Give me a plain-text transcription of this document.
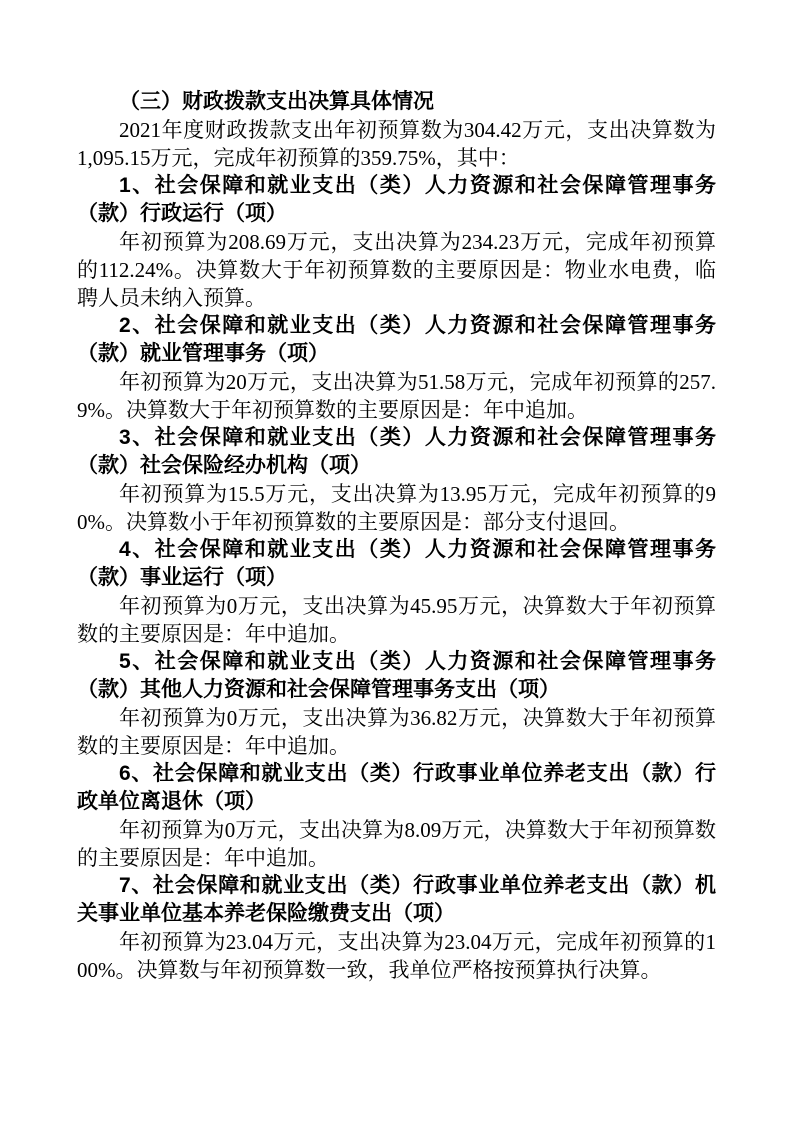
（三）财政拨款支出决算具体情况

2021年度财政拨款支出年初预算数为304.42万元，支出决算数为1,095.15万元，完成年初预算的359.75%，其中：

1、社会保障和就业支出（类）人力资源和社会保障管理事务（款）行政运行（项）

年初预算为208.69万元，支出决算为234.23万元，完成年初预算的112.24%。决算数大于年初预算数的主要原因是：物业水电费，临聘人员未纳入预算。

2、社会保障和就业支出（类）人力资源和社会保障管理事务（款）就业管理事务（项）

年初预算为20万元，支出决算为51.58万元，完成年初预算的257.9%。决算数大于年初预算数的主要原因是：年中追加。

3、社会保障和就业支出（类）人力资源和社会保障管理事务（款）社会保险经办机构（项）

年初预算为15.5万元，支出决算为13.95万元，完成年初预算的90%。决算数小于年初预算数的主要原因是：部分支付退回。

4、社会保障和就业支出（类）人力资源和社会保障管理事务（款）事业运行（项）

年初预算为0万元，支出决算为45.95万元，决算数大于年初预算数的主要原因是：年中追加。

5、社会保障和就业支出（类）人力资源和社会保障管理事务（款）其他人力资源和社会保障管理事务支出（项）

年初预算为0万元，支出决算为36.82万元，决算数大于年初预算数的主要原因是：年中追加。

6、社会保障和就业支出（类）行政事业单位养老支出（款）行政单位离退休（项）

年初预算为0万元，支出决算为8.09万元，决算数大于年初预算数的主要原因是：年中追加。

7、社会保障和就业支出（类）行政事业单位养老支出（款）机关事业单位基本养老保险缴费支出（项）

年初预算为23.04万元，支出决算为23.04万元，完成年初预算的100%。决算数与年初预算数一致，我单位严格按预算执行决算。
